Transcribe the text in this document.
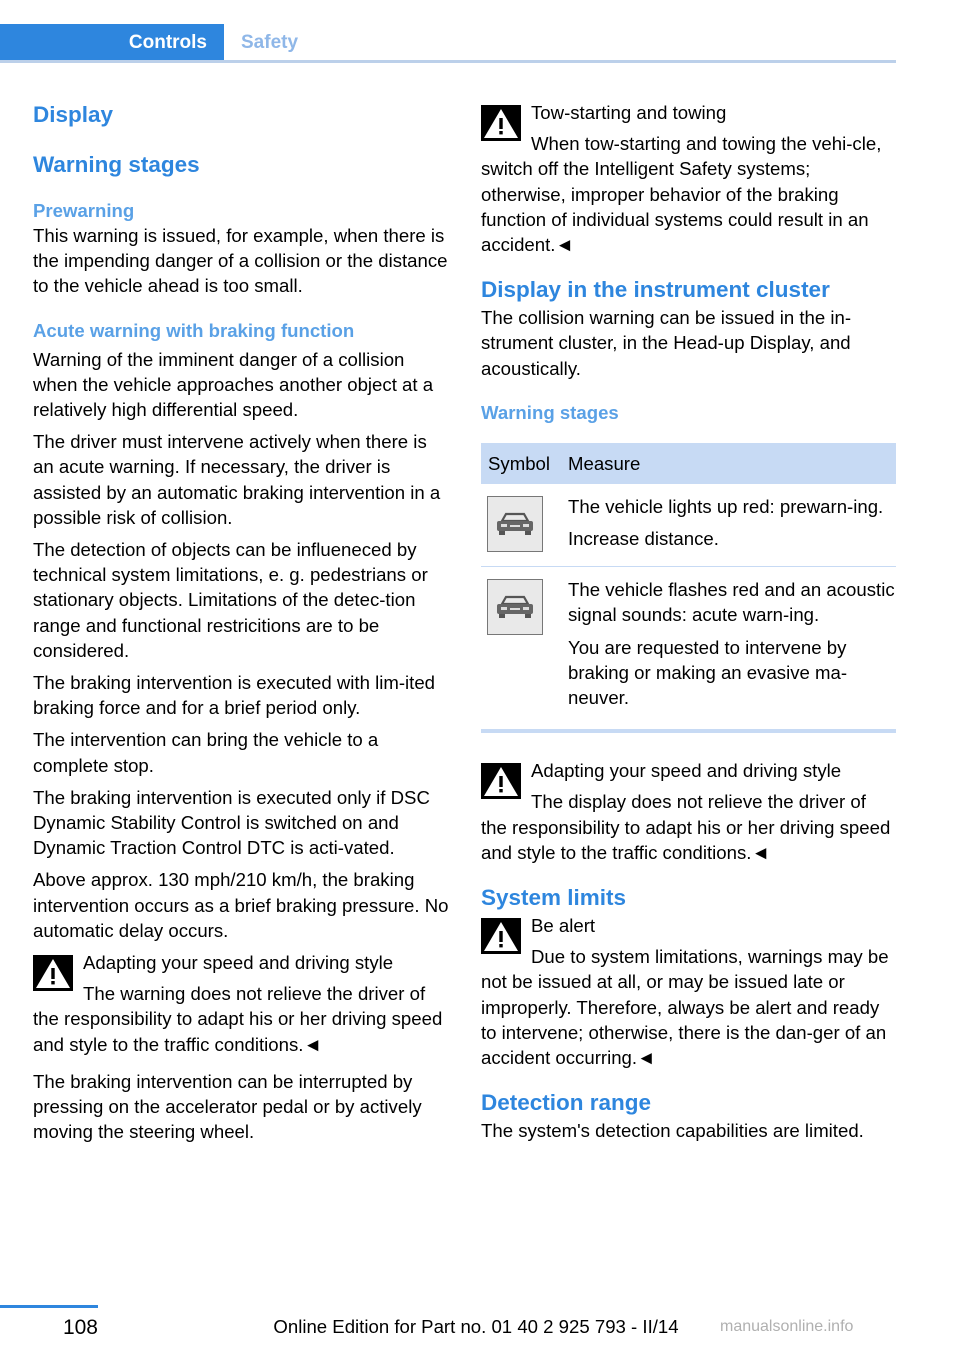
Controls Safety
Display
Warning stages
Prewarning

This warning is issued, for example, when there is the impending danger of a collision or the distance to the vehicle ahead is too small.

Acute warning with braking function

Warning of the imminent danger of a collision when the vehicle approaches another object at a relatively high differential speed.

The driver must intervene actively when there is an acute warning. If necessary, the driver is assisted by an automatic braking intervention in a possible risk of collision.

The detection of objects can be influeneced by technical system limitations, e. g. pedestrians or stationary objects. Limitations of the detec‐tion range and functional restricitions are to be considered.

The braking intervention is executed with lim‐ited braking force and for a brief period only.

The intervention can bring the vehicle to a complete stop.

The braking intervention is executed only if DSC Dynamic Stability Control is switched on and Dynamic Traction Control DTC is acti‐vated.

Above approx. 130 mph/210 km/h, the braking intervention occurs as a brief braking pressure. No automatic delay occurs.

Adapting your speed and driving style

The warning does not relieve the driver of the responsibility to adapt his or her driving speed and style to the traffic conditions.◄

The braking intervention can be interrupted by pressing on the accelerator pedal or by actively moving the steering wheel.

Tow-starting and towing

When tow-starting and towing the vehi‐cle, switch off the Intelligent Safety systems; otherwise, improper behavior of the braking function of individual systems could result in an accident.◄

Display in the instrument cluster

The collision warning can be issued in the in‐strument cluster, in the Head-up Display, and acoustically.

Warning stages
Symbol Measure

The vehicle lights up red: prewarn‐ing.

Increase distance.

The vehicle flashes red and an acoustic signal sounds: acute warn‐ing.

You are requested to intervene by braking or making an evasive ma‐neuver.

Adapting your speed and driving style

The display does not relieve the driver of the responsibility to adapt his or her driving speed and style to the traffic conditions.◄

System limits

Be alert

Due to system limitations, warnings may be not be issued at all, or may be issued late or improperly. Therefore, always be alert and ready to intervene; otherwise, there is the dan‐ger of an accident occurring.◄

Detection range

The system's detection capabilities are limited.

108	Online Edition for Part no. 01 40 2 925 793 - II/14	manualsonline.info
